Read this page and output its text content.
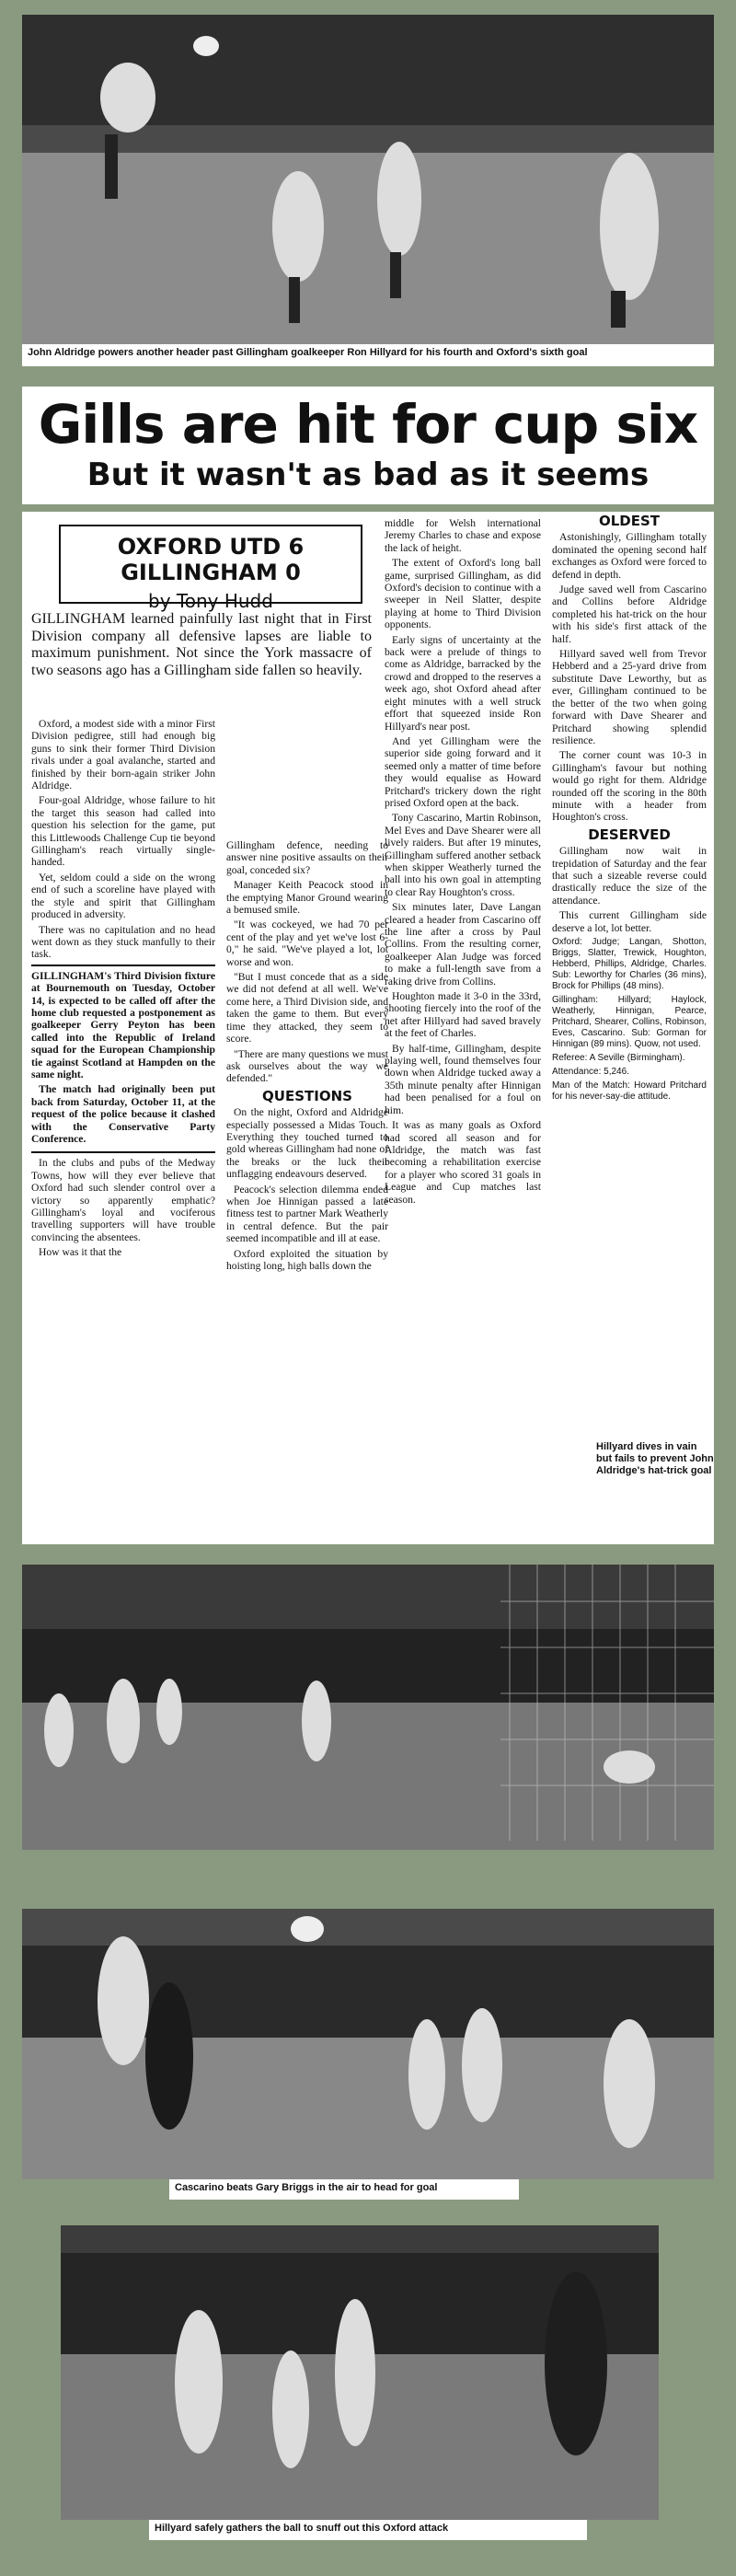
John Aldridge powers another header past Gillingham goalkeeper Ron Hillyard for his fourth and Oxford's sixth goal
Gills are hit for cup six
But it wasn't as bad as it seems
OXFORD UTD 6 GILLINGHAM 0
by Tony Hudd
GILLINGHAM learned painfully last night that in First Division company all defensive lapses are liable to maximum punishment. Not since the York massacre of two seasons ago has a Gillingham side fallen so heavily.

Oxford, a modest side with a minor First Division pedigree, still had enough big guns to sink their former Third Division rivals under a goal avalanche, started and finished by their born-again striker John Aldridge.

Four-goal Aldridge, whose failure to hit the target this season had called into question his selection for the game, put this Littlewoods Challenge Cup tie beyond Gillingham's reach virtually single-handed.

Yet, seldom could a side on the wrong end of such a scoreline have played with the style and spirit that Gillingham produced in adversity.

There was no capitulation and no head went down as they stuck manfully to their task.

GILLINGHAM's Third Division fixture at Bournemouth on Tuesday, October 14, is expected to be called off after the home club requested a postponement as goalkeeper Gerry Peyton has been called into the Republic of Ireland squad for the European Championship tie against Scotland at Hampden on the same night.

The match had originally been put back from Saturday, October 11, at the request of the police because it clashed with the Conservative Party Conference.

In the clubs and pubs of the Medway Towns, how will they ever believe that Oxford had such slender control over a victory so apparently emphatic? Gillingham's loyal and vociferous travelling supporters will have trouble convincing the absentees.

How was it that the

Gillingham defence, needing to answer nine positive assaults on their goal, conceded six?

Manager Keith Peacock stood in the emptying Manor Ground wearing a bemused smile.

"It was cockeyed, we had 70 per cent of the play and yet we've lost 6-0," he said. "We've played a lot, lot worse and won.

"But I must concede that as a side we did not defend at all well. We've come here, a Third Division side, and taken the game to them. But every time they attacked, they seem to score.

"There are many questions we must ask ourselves about the way we defended."

QUESTIONS

On the night, Oxford and Aldridge especially possessed a Midas Touch. Everything they touched turned to gold whereas Gillingham had none of the breaks or the luck their unflagging endeavours deserved.

Peacock's selection dilemma ended when Joe Hinnigan passed a late fitness test to partner Mark Weatherly in central defence. But the pair seemed incompatible and ill at ease.

Oxford exploited the situation by hoisting long, high balls down the

middle for Welsh international Jeremy Charles to chase and expose the lack of height.

The extent of Oxford's long ball game, surprised Gillingham, as did Oxford's decision to continue with a sweeper in Neil Slatter, despite playing at home to Third Division opponents.

Early signs of uncertainty at the back were a prelude of things to come as Aldridge, barracked by the crowd and dropped to the reserves a week ago, shot Oxford ahead after eight minutes with a well struck effort that squeezed inside Ron Hillyard's near post.

And yet Gillingham were the superior side going forward and it seemed only a matter of time before they would equalise as Howard Pritchard's trickery down the right prised Oxford open at the back.

Tony Cascarino, Martin Robinson, Mel Eves and Dave Shearer were all lively raiders. But after 19 minutes, Gillingham suffered another setback when skipper Weatherly turned the ball into his own goal in attempting to clear Ray Houghton's cross.

Six minutes later, Dave Langan cleared a header from Cascarino off the line after a cross by Paul Collins. From the resulting corner, goalkeeper Alan Judge was forced to make a full-length save from a raking drive from Collins.

Houghton made it 3-0 in the 33rd, shooting fiercely into the roof of the net after Hillyard had saved bravely at the feet of Charles.

By half-time, Gillingham, despite playing well, found themselves four down when Aldridge tucked away a 35th minute penalty after Hinnigan had been penalised for a foul on him.

It was as many goals as Oxford had scored all season and for Aldridge, the match was fast becoming a rehabilitation exercise for a player who scored 31 goals in League and Cup matches last season.

OLDEST

Astonishingly, Gillingham totally dominated the opening second half exchanges as Oxford were forced to defend in depth.

Judge saved well from Cascarino and Collins before Aldridge completed his hat-trick on the hour with his side's first attack of the half.

Hillyard saved well from Trevor Hebberd and a 25-yard drive from substitute Dave Leworthy, but as ever, Gillingham continued to be the better of the two when going forward with Dave Shearer and Pritchard showing splendid resilience.

The corner count was 10-3 in Gillingham's favour but nothing would go right for them. Aldridge rounded off the scoring in the 80th minute with a header from Houghton's cross.

DESERVED

Gillingham now wait in trepidation of Saturday and the fear that such a sizeable reverse could drastically reduce the size of the attendance.

This current Gillingham side deserve a lot, lot better.

Oxford: Judge; Langan, Shotton, Briggs, Slatter, Trewick, Houghton, Hebberd, Phillips, Aldridge, Charles. Sub: Leworthy for Charles (36 mins), Brock for Phillips (48 mins).

Gillingham: Hillyard; Haylock, Weatherly, Hinnigan, Pearce, Pritchard, Shearer, Collins, Robinson, Eves, Cascarino. Sub: Gorman for Hinnigan (89 mins). Quow, not used.

Referee: A Seville (Birmingham).

Attendance: 5,246.

Man of the Match: Howard Pritchard for his never-say-die attitude.

Hillyard dives in vain but fails to prevent John Aldridge's hat-trick goal
Cascarino beats Gary Briggs in the air to head for goal
Hillyard safely gathers the ball to snuff out this Oxford attack
